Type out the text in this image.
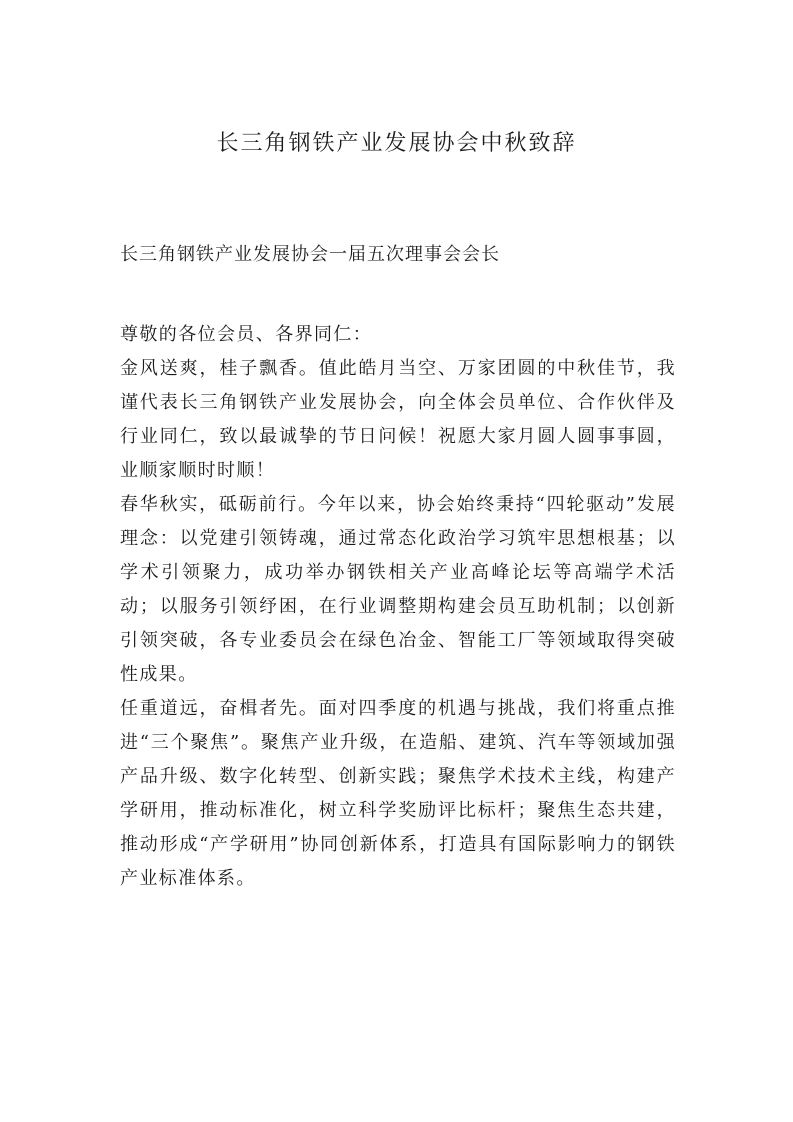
长三角钢铁产业发展协会中秋致辞

长三角钢铁产业发展协会一届五次理事会会长

尊敬的各位会员、各界同仁：

金风送爽，桂子飘香。值此皓月当空、万家团圆的中秋佳节，我谨代表长三角钢铁产业发展协会，向全体会员单位、合作伙伴及行业同仁，致以最诚挚的节日问候！祝愿大家月圆人圆事事圆，业顺家顺时时顺！

春华秋实，砥砺前行。今年以来，协会始终秉持“四轮驱动”发展理念：以党建引领铸魂，通过常态化政治学习筑牢思想根基；以学术引领聚力，成功举办钢铁相关产业高峰论坛等高端学术活动；以服务引领纾困，在行业调整期构建会员互助机制；以创新引领突破，各专业委员会在绿色冶金、智能工厂等领域取得突破性成果。

任重道远，奋楫者先。面对四季度的机遇与挑战，我们将重点推进“三个聚焦”。聚焦产业升级，在造船、建筑、汽车等领域加强产品升级、数字化转型、创新实践；聚焦学术技术主线，构建产学研用，推动标准化，树立科学奖励评比标杆；聚焦生态共建，推动形成“产学研用”协同创新体系，打造具有国际影响力的钢铁产业标准体系。
